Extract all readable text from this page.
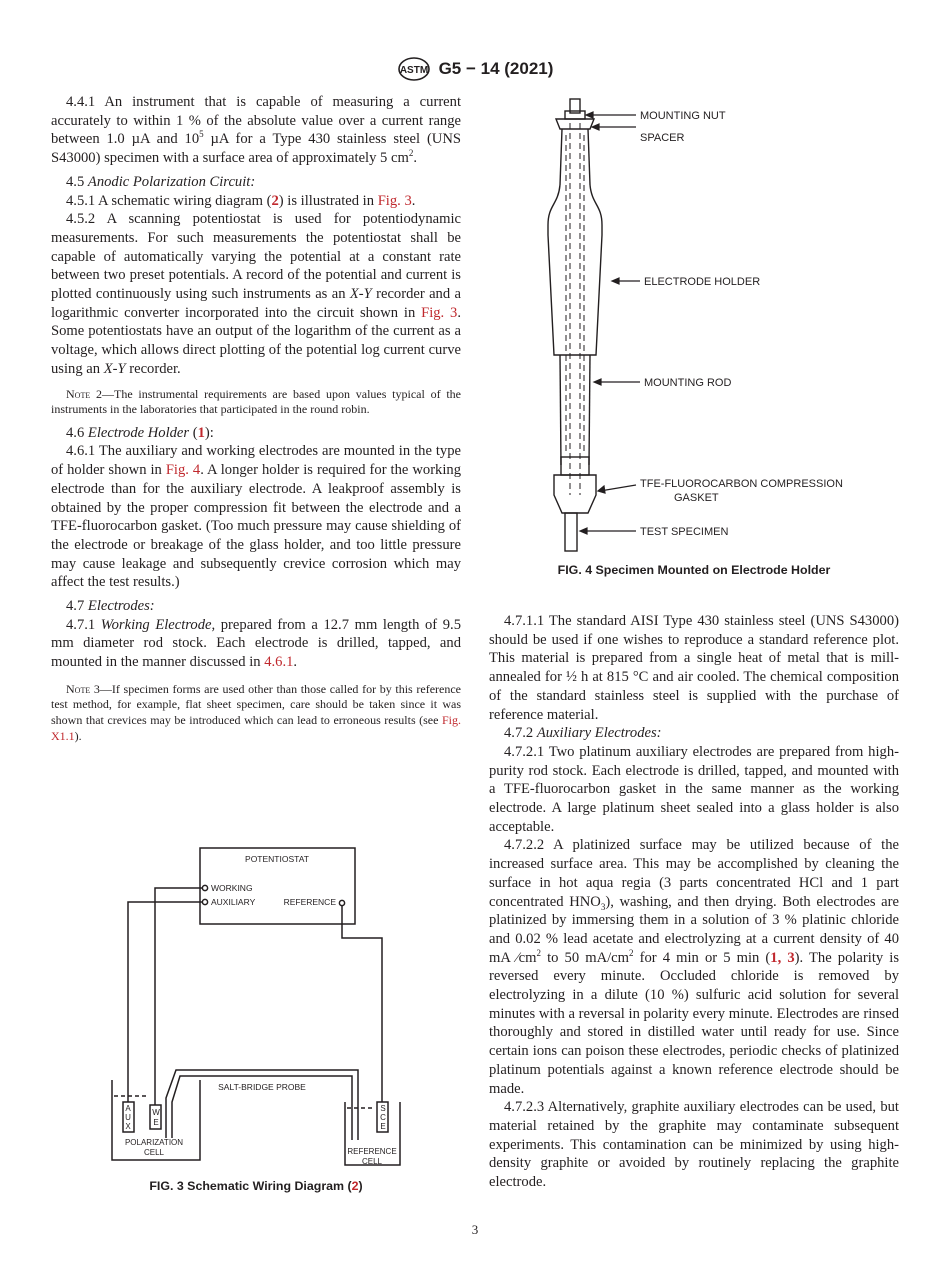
ASTM G5 − 14 (2021)

4.4.1 An instrument that is capable of measuring a current accurately to within 1 % of the absolute value over a current range between 1.0 µA and $10^5$ µA for a Type 430 stainless steel (UNS S43000) specimen with a surface area of approximately 5 $cm^2$.

4.5 Anodic Polarization Circuit:

4.5.1 A schematic wiring diagram (2) is illustrated in Fig. 3.

4.5.2 A scanning potentiostat is used for potentiodynamic measurements. For such measurements the potentiostat shall be capable of automatically varying the potential at a constant rate between two preset potentials. A record of the potential and current is plotted continuously using such instruments as an X-Y recorder and a logarithmic converter incorporated into the circuit shown in Fig. 3. Some potentiostats have an output of the logarithm of the current as a voltage, which allows direct plotting of the potential log current curve using an X-Y recorder.

Note 2—The instrumental requirements are based upon values typical of the instruments in the laboratories that participated in the round robin.

4.6 Electrode Holder (1):

4.6.1 The auxiliary and working electrodes are mounted in the type of holder shown in Fig. 4. A longer holder is required for the working electrode than for the auxiliary electrode. A leakproof assembly is obtained by the proper compression fit between the electrode and a TFE-fluorocarbon gasket. (Too much pressure may cause shielding of the electrode or breakage of the glass holder, and too little pressure may cause leakage and subsequently crevice corrosion which may affect the test results.)

4.7 Electrodes:

4.7.1 Working Electrode, prepared from a 12.7 mm length of 9.5 mm diameter rod stock. Each electrode is drilled, tapped, and mounted in the manner discussed in 4.6.1.

Note 3—If specimen forms are used other than those called for by this reference test method, for example, flat sheet specimen, care should be taken since it was shown that crevices may be introduced which can lead to erroneous results (see Fig. X1.1).

POTENTIOSTAT
WORKING
AUXILIARY	REFERENCE
SALT-BRIDGE PROBE
A
U
X
W
E
S
C
E
POLARIZATION
CELL	REFERENCE
CELL
FIG. 3 Schematic Wiring Diagram (2)
MOUNTING NUT
SPACER
ELECTRODE HOLDER
MOUNTING ROD
TFE-FLUOROCARBON COMPRESSION
GASKET
TEST SPECIMEN
FIG. 4 Specimen Mounted on Electrode Holder

4.7.1.1 The standard AISI Type 430 stainless steel (UNS S43000) should be used if one wishes to reproduce a standard reference plot. This material is prepared from a single heat of metal that is mill-annealed for ½ h at 815 °C and air cooled. The chemical composition of the standard stainless steel is supplied with the purchase of reference material.

4.7.2 Auxiliary Electrodes:

4.7.2.1 Two platinum auxiliary electrodes are prepared from high-purity rod stock. Each electrode is drilled, tapped, and mounted with a TFE-fluorocarbon gasket in the same manner as the working electrode. A large platinum sheet sealed into a glass holder is also acceptable.

4.7.2.2 A platinized surface may be utilized because of the increased surface area. This may be accomplished by cleaning the surface in hot aqua regia (3 parts concentrated HCl and 1 part concentrated $HNO_3$), washing, and then drying. Both electrodes are platinized by immersing them in a solution of 3 % platinic chloride and 0.02 % lead acetate and electrolyzing at a current density of 40 mA $⁄cm^2$ to 50 $mA/cm^2$ for 4 min or 5 min (1, 3). The polarity is reversed every minute. Occluded chloride is removed by electrolyzing in a dilute (10 %) sulfuric acid solution for several minutes with a reversal in polarity every minute. Electrodes are rinsed thoroughly and stored in distilled water until ready for use. Since certain ions can poison these electrodes, periodic checks of platinized platinum potentials against a known reference electrode should be made.

4.7.2.3 Alternatively, graphite auxiliary electrodes can be used, but material retained by the graphite may contaminate subsequent experiments. This contamination can be minimized by using high-density graphite or avoided by routinely replacing the graphite electrode.

3
